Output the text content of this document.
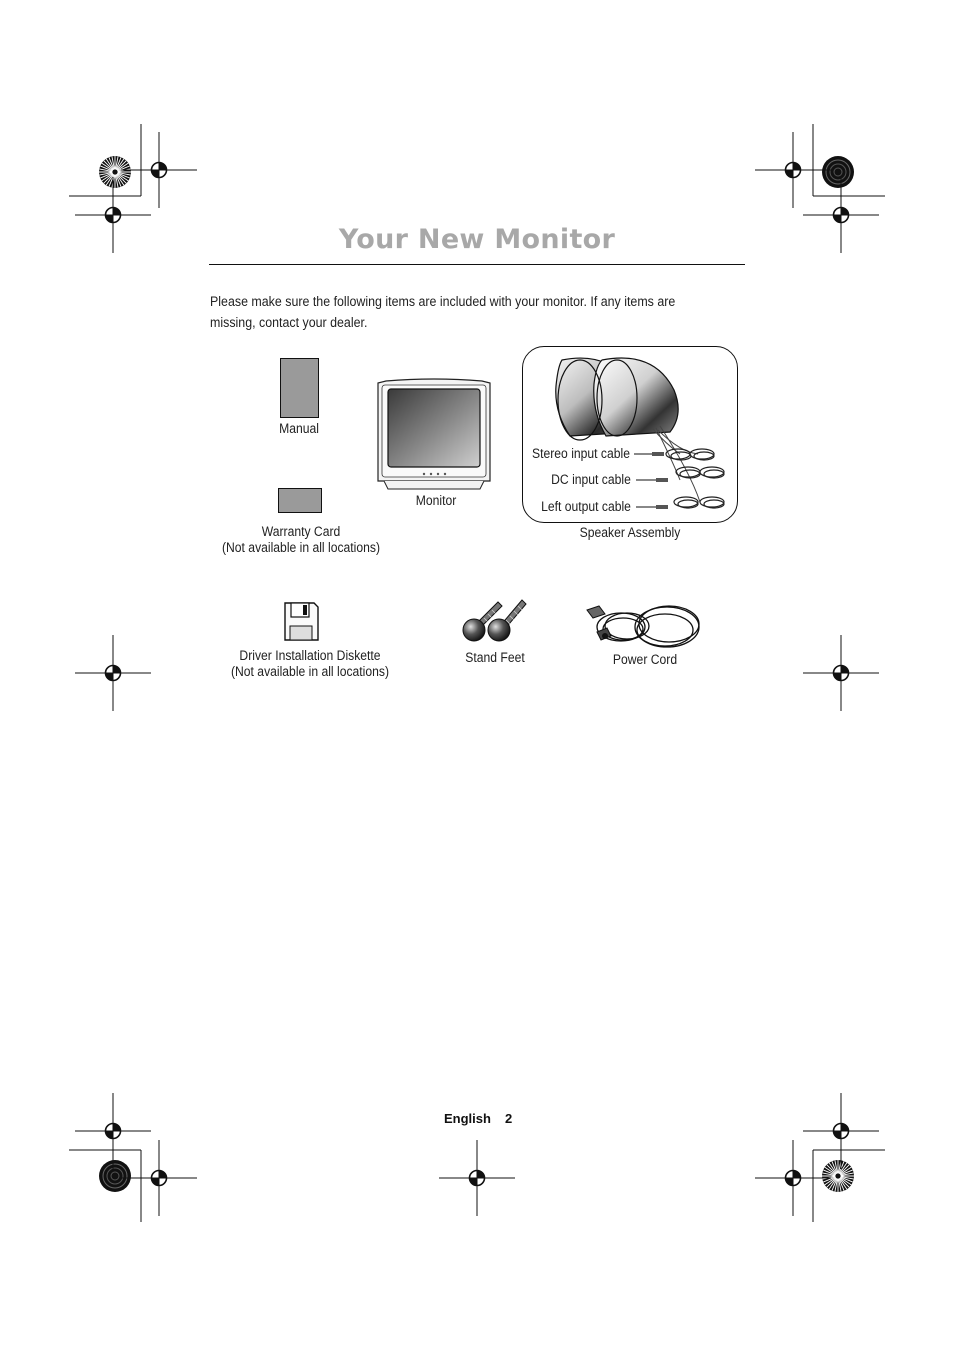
Your New Monitor
Please make sure the following items are included with your monitor. If any items are missing, contact your dealer.
Manual
Warranty Card
(Not available in all locations)
Monitor
Stereo input cable
DC input cable
Left output cable
Speaker Assembly
Driver Installation Diskette
(Not available in all locations)
Stand Feet	Power Cord
English 2
